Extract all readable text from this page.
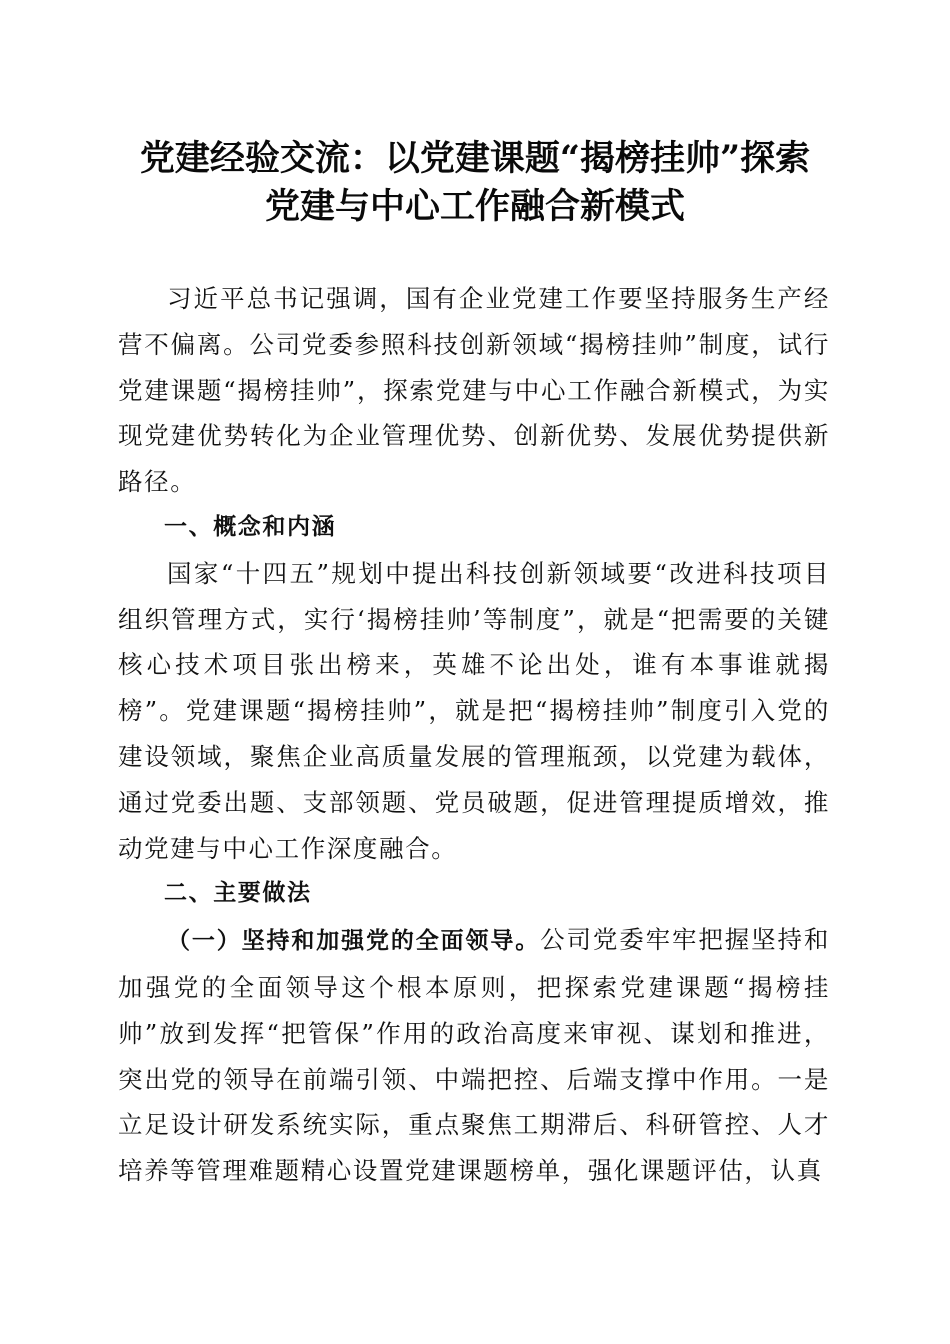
党建经验交流：以党建课题“揭榜挂帅”探索
党建与中心工作融合新模式

习近平总书记强调，国有企业党建工作要坚持服务生产经营不偏离。公司党委参照科技创新领域“揭榜挂帅”制度，试行党建课题“揭榜挂帅”，探索党建与中心工作融合新模式，为实现党建优势转化为企业管理优势、创新优势、发展优势提供新路径。

一、概念和内涵

国家“十四五”规划中提出科技创新领域要“改进科技项目组织管理方式，实行‘揭榜挂帅’等制度”，就是“把需要的关键核心技术项目张出榜来，英雄不论出处，谁有本事谁就揭榜”。党建课题“揭榜挂帅”，就是把“揭榜挂帅”制度引入党的建设领域，聚焦企业高质量发展的管理瓶颈，以党建为载体，通过党委出题、支部领题、党员破题，促进管理提质增效，推动党建与中心工作深度融合。

二、主要做法

（一）坚持和加强党的全面领导。公司党委牢牢把握坚持和加强党的全面领导这个根本原则，把探索党建课题“揭榜挂帅”放到发挥“把管保”作用的政治高度来审视、谋划和推进，突出党的领导在前端引领、中端把控、后端支撑中作用。一是立足设计研发系统实际，重点聚焦工期滞后、科研管控、人才培养等管理难题精心设置党建课题榜单，强化课题评估，认真
